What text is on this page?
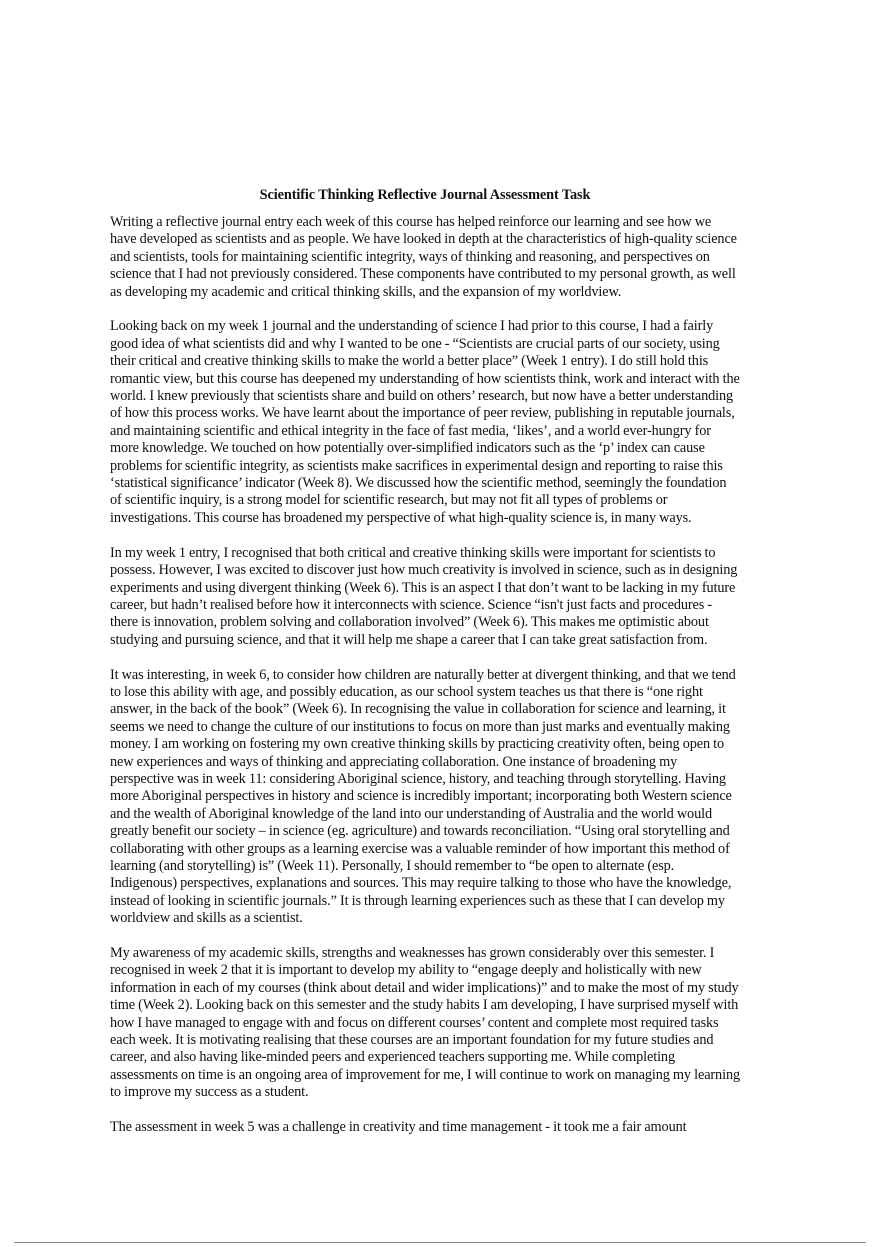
Scientific Thinking Reflective Journal Assessment Task

Writing a reflective journal entry each week of this course has helped reinforce our learning and see how we have developed as scientists and as people. We have looked in depth at the characteristics of high-quality science and scientists, tools for maintaining scientific integrity, ways of thinking and reasoning, and perspectives on science that I had not previously considered. These components have contributed to my personal growth, as well as developing my academic and critical thinking skills, and the expansion of my worldview.

Looking back on my week 1 journal and the understanding of science I had prior to this course, I had a fairly good idea of what scientists did and why I wanted to be one - “Scientists are crucial parts of our society, using their critical and creative thinking skills to make the world a better place” (Week 1 entry). I do still hold this romantic view, but this course has deepened my understanding of how scientists think, work and interact with the world. I knew previously that scientists share and build on others’ research, but now have a better understanding of how this process works. We have learnt about the importance of peer review, publishing in reputable journals, and maintaining scientific and ethical integrity in the face of fast media, ‘likes’, and a world ever-hungry for more knowledge. We touched on how potentially over-simplified indicators such as the ‘p’ index can cause problems for scientific integrity, as scientists make sacrifices in experimental design and reporting to raise this ‘statistical significance’ indicator (Week 8). We discussed how the scientific method, seemingly the foundation of scientific inquiry, is a strong model for scientific research, but may not fit all types of problems or investigations. This course has broadened my perspective of what high-quality science is, in many ways.

In my week 1 entry, I recognised that both critical and creative thinking skills were important for scientists to possess. However, I was excited to discover just how much creativity is involved in science, such as in designing experiments and using divergent thinking (Week 6). This is an aspect I that don’t want to be lacking in my future career, but hadn’t realised before how it interconnects with science. Science “isn't just facts and procedures - there is innovation, problem solving and collaboration involved” (Week 6). This makes me optimistic about studying and pursuing science, and that it will help me shape a career that I can take great satisfaction from.

It was interesting, in week 6, to consider how children are naturally better at divergent thinking, and that we tend to lose this ability with age, and possibly education, as our school system teaches us that there is “one right answer, in the back of the book” (Week 6). In recognising the value in collaboration for science and learning, it seems we need to change the culture of our institutions to focus on more than just marks and eventually making money. I am working on fostering my own creative thinking skills by practicing creativity often, being open to new experiences and ways of thinking and appreciating collaboration. One instance of broadening my perspective was in week 11: considering Aboriginal science, history, and teaching through storytelling. Having more Aboriginal perspectives in history and science is incredibly important; incorporating both Western science and the wealth of Aboriginal knowledge of the land into our understanding of Australia and the world would greatly benefit our society – in science (eg. agriculture) and towards reconciliation. “Using oral storytelling and collaborating with other groups as a learning exercise was a valuable reminder of how important this method of learning (and storytelling) is” (Week 11). Personally, I should remember to “be open to alternate (esp. Indigenous) perspectives, explanations and sources. This may require talking to those who have the knowledge, instead of looking in scientific journals.” It is through learning experiences such as these that I can develop my worldview and skills as a scientist.

My awareness of my academic skills, strengths and weaknesses has grown considerably over this semester. I recognised in week 2 that it is important to develop my ability to “engage deeply and holistically with new information in each of my courses (think about detail and wider implications)” and to make the most of my study time (Week 2). Looking back on this semester and the study habits I am developing, I have surprised myself with how I have managed to engage with and focus on different courses’ content and complete most required tasks each week. It is motivating realising that these courses are an important foundation for my future studies and career, and also having like-minded peers and experienced teachers supporting me. While completing assessments on time is an ongoing area of improvement for me, I will continue to work on managing my learning to improve my success as a student.

The assessment in week 5 was a challenge in creativity and time management - it took me a fair amount
